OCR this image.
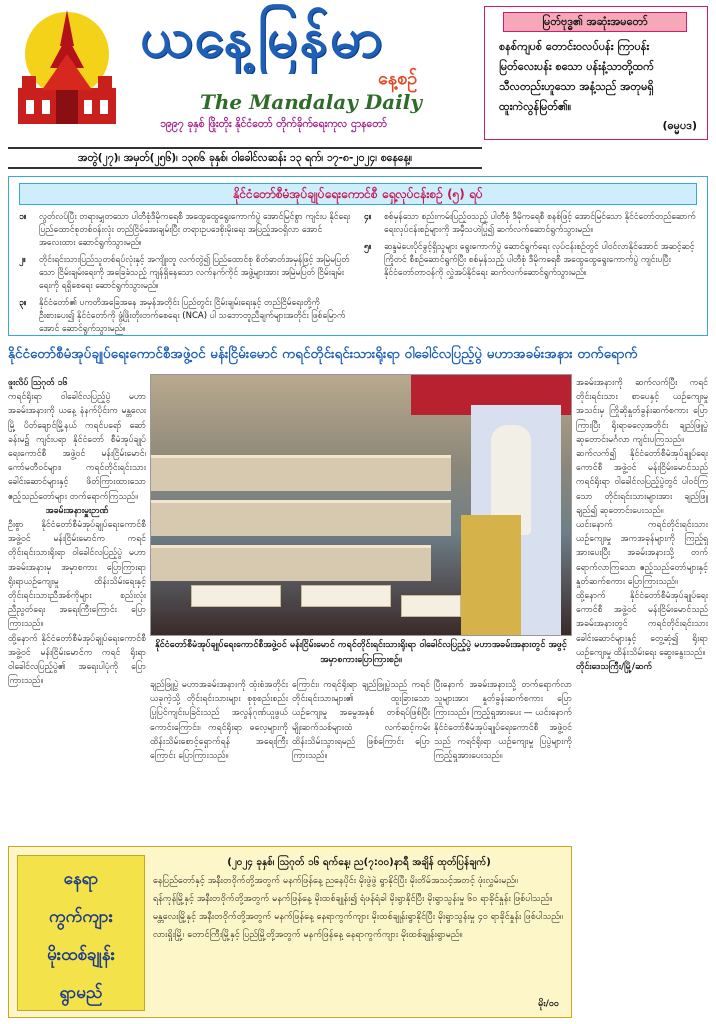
ယနေ့မြန်မာ
နေ့စဉ်
The Mandalay Daily
၁၉၉၇ ခုနှစ် ဖြိုးတိုး နိုင်ငံတော် တိုက်ခိုက်ရေးကုလ ဌာနတော်
မြတ်ဗုဒ္ဓ၏ အဆုံးအမတော်
စနစ်ကျပစ် တောင်းဝလပ်ပန်း ကြာပန်း
မြတ်လေးပန်း စသော ပန်းနံ့သာတို့ထက်
သီလတည်းဟူသော အနံ့သည် အတုမရှိ
ထူးကဲလွန်မြတ်၏။
(ဓမ္မပဒ)
အတွဲ(၂၇)၊ အမှတ်(၂၅၆)၊ ၁၃၈၆ ခုနှစ်၊ ဝါခေါင်လဆန်း ၁၃ ရက်၊ ၁၇-၈-၂၀၂၄၊ စနေနေ့။
နိုင်ငံတော်စီမံအုပ်ချုပ်ရေးကောင်စီ ရှေ့လုပ်ငန်းစဉ် (၅) ရပ်
၁။	လွတ်လပ်ပြီး တရားမျှတသော ပါတီစုံဒီမိုကရေစီ အထွေထွေရွေးကောက်ပွဲ အောင်မြင်စွာ ကျင်းပ နိုင်ရေး ပြည်ထောင်စုတစ်ဝန်းလုံး တည်ငြိမ်အေးချမ်းပြီး တရားဥပဒေစိုးမိုးရေး အပြည့်အဝရှိလာ အောင် အလေးထား ဆောင်ရွက်သွားမည်။
၂။	တိုင်းရင်းသားပြည်သူတစ်ရပ်လုံးနှင့် အကျိုးတူ လက်တွဲ၍ ပြည်ထောင်စု စိတ်ဓာတ်အမှန်ဖြင့် အမြဲမပြတ်သော ငြိမ်းချမ်းရေးကို အခြေခံသည့် ကျန်ရှိနေသော လက်နက်ကိုင် အဖွဲ့များအား အမြဲမပြတ် ငြိမ်းချမ်းရေးကို ရရှိစေရေး ဆောင်ရွက်သွားမည်။
၃။	နိုင်ငံတော်၏ ပကတိအခြေအနေ အမှန်အတိုင်း ပြည်တွင်း ငြိမ်းချမ်းရေးနှင့် တည်ငြိမ်ရေးတို့ကို ဦးစားပေး၍ နိုင်ငံတော်ကို ဖွံ့ဖြိုးတိုးတက်စေရေး (NCA) ပါ သဘောတူညီချက်များအတိုင်း ဖြစ်မြောက်အောင် ဆောင်ရွက်သွားမည်။
၄။	စစ်မှန်သော စည်းကမ်းပြည့်ဝသည့် ပါတီစုံ ဒီမိုကရေစီ စနစ်ဖြင့် အောင်မြင်သော နိုင်ငံတော်တည်ဆောက်ရေးလုပ်ငန်းစဉ်များကို အမှီသဟဲပြု၍ ဆက်လက်ဆောင်ရွက်သွားမည်။
၅။	ဆန္ဒမဲပေးပိုင်ခွင့်ရှိသူများ ရွေးကောက်ပွဲ ဆောင်ရွက်ရေး လုပ်ငန်းစဉ်တွင် ပါဝင်လာနိုင်အောင် အဆင့်ဆင့်ကြိုတင် စီစဉ်ဆောင်ရွက်ပြီး စစ်မှန်သည့် ပါတီစုံ ဒီမိုကရေစီ အထွေထွေရွေးကောက်ပွဲ ကျင်းပပြီး နိုင်ငံတော်တာဝန်ကို လွှဲအပ်နိုင်ရေး ဆက်လက်ဆောင်ရွက်သွားမည်။
နိုင်ငံတော်စီမံအုပ်ချုပ်ရေးကောင်စီအဖွဲ့ဝင် မန်းငြိမ်းမောင် ကရင်တိုင်းရင်းသားရိုးရာ ဝါခေါင်လပြည့်ပွဲ မဟာအခမ်းအနား တက်ရောက်
နိုင်ငံတော်စီမံအုပ်ချုပ်ရေးကောင်စီအဖွဲ့ဝင် မန်းငြိမ်းမောင် ကရင်တိုင်းရင်းသားရိုးရာ ဝါခေါင်လပြည့်ပွဲ မဟာအခမ်းအနားတွင် အဖွင့်အမှာစကားပြောကြားစဉ်။

ဖူးလိပ် ဩဂုတ် ၁၆

ကရင်ရိုးရာ ဝါခေါင်လပြည့်ပွဲ မဟာအခမ်းအနားကို ယနေ့ နံနက်ပိုင်းက မန္တလေးမြို့ ပိတ်ချောင်မြို့နယ် ကရင်ပရော် ဆော်ခန်းမ၌ ကျင်းပရာ နိုင်ငံတော် စီမံအုပ်ချုပ်ရေးကောင်စီ အဖွဲ့ဝင် မန်းငြိမ်းမောင်၊ ကော်မတီဝင်များ၊ ကရင်တိုင်းရင်းသား ခေါင်းဆောင်များနှင့် ဖိတ်ကြားထားသော ဧည့်သည်တော်များ တက်ရောက်ကြသည်။

အခမ်းအနားမှူးဉာဏ်

ဦးစွာ နိုင်ငံတော်စီမံအုပ်ချုပ်ရေးကောင်စီ အဖွဲ့ဝင် မန်းငြိမ်းမောင်က ကရင်တိုင်းရင်းသားရိုးရာ ဝါခေါင်လပြည့်ပွဲ မဟာအခမ်းအနားမှ အမှာစကား ပြောကြားရာ ရိုးရာယဉ်ကျေးမှု ထိန်းသိမ်းရေးနှင့် တိုင်းရင်းသားညီအစ်ကိုများ စည်းလုံးညီညွတ်ရေး အရေးကြီးကြောင်း ပြောကြားသည်။

ထို့နောက် နိုင်ငံတော်စီမံအုပ်ချုပ်ရေးကောင်စီ အဖွဲ့ဝင် မန်းငြိမ်းမောင်က ကရင် ရိုးရာ ဝါခေါင်လပြည့်ပွဲ၏ အရေးပါပုံကို ပြောကြားသည်။	ချည်ဖြူပွဲ မဟာအခမ်းအနားကို ထုံးစံအတိုင်း ယခုကဲ့သို့ တိုင်းရင်းသားများ စုစုစည်းစည်း ပြုပြင်ကျင်းပခြင်းသည် အလွန်ဂုဏ်ယူဖွယ် ကောင်းကြောင်း၊ ကရင်ရိုးရာ ဓလေ့များကို ထိန်းသိမ်းစောင့်ရှောက်ရန် အရေးကြီးကြောင်း ပြောကြားသည်။
ကြောင်း၊ ကရင်ရိုးရာ ချည်ဖြူပွဲသည် ကရင်တိုင်းရင်းသားများ၏ ထူးခြားသော ယဉ်ကျေးမှု အမွေအနှစ် တစ်ရပ်ဖြစ်ပြီး မျိုးဆက်သစ်များထံ လက်ဆင့်ကမ်း ထိန်းသိမ်းသွားရမည် ဖြစ်ကြောင်း ပြောကြားသည်။
ပြီးနောက် အခမ်းအနားသို့ တက်ရောက်လာသူများအား နှုတ်ခွန်းဆက်စကား ပြောကြားသည်။ ကြည့်ရှုအားပေး — ယင်းနောက် နိုင်ငံတော်စီမံအုပ်ချုပ်ရေးကောင်စီ အဖွဲ့ဝင်သည် ကရင်ရိုးရာ ယဉ်ကျေးမှု ပြပွဲများကို ကြည့်ရှုအားပေးသည်။

အခမ်းအနားကို ဆက်လက်ပြီး ကရင်တိုင်းရင်းသား စာပေနှင့် ယဉ်ကျေးမှုအသင်းမှ ကြိုဆိုနှုတ်ခွန်းဆက်စကား ပြောကြားပြီး ရိုးရာဓလေ့အတိုင်း ချည်ဖြူပွဲ ဆုတောင်းမင်္ဂလာ ကျင်းပကြသည်။

ဆက်လက်၍ နိုင်ငံတော်စီမံအုပ်ချုပ်ရေးကောင်စီ အဖွဲ့ဝင် မန်းငြိမ်းမောင်သည် ကရင်ရိုးရာ ဝါခေါင်လပြည့်ပွဲတွင် ပါဝင်ကြသော တိုင်းရင်းသားများအား ချည်ဖြူချည်၍ ဆုတောင်းပေးသည်။

ယင်းနောက် ကရင်တိုင်းရင်းသား ယဉ်ကျေးမှု အကအခုန်များကို ကြည့်ရှုအားပေးပြီး အခမ်းအနားသို့ တက်ရောက်လာကြသော ဧည့်သည်တော်များနှင့် နှုတ်ဆက်စကား ပြောကြားသည်။

ထို့နောက် နိုင်ငံတော်စီမံအုပ်ချုပ်ရေးကောင်စီ အဖွဲ့ဝင် မန်းငြိမ်းမောင်သည် အခမ်းအနားတွင် ကရင်တိုင်းရင်းသား ခေါင်းဆောင်များနှင့် တွေ့ဆုံ၍ ရိုးရာ ယဉ်ကျေးမှု ထိန်းသိမ်းရေး ဆွေးနွေးသည်။

တိုင်းဒေသကြီး/မြို့/ဆက်

နေရာ
ကွက်ကျား
မိုးထစ်ချုန်း
ရွာမည်
(၂၀၂၄ ခုနှစ်၊ ဩဂုတ် ၁၆ ရက်နေ့၊ ည(၇:၀၀)နာရီ အချိန် ထုတ်ပြန်ချက်)

နေပြည်တော်နှင့် အနီးတဝိုက်တို့အတွက် မနက်ဖြန်နေ့ ညနေပိုင်း မိုးဖွဲဖွဲ ရွာနိုင်ပြီး မိုးတိမ်အသင့်အတင့် ဖုံးလွှမ်းမည်။

ရန်ကုန်မြို့နှင့် အနီးတဝိုက်တို့အတွက် မနက်ဖြန်နေ့ မိုးထစ်ချုန်း၍ ရံဖန်ရံခါ မိုးရွာနိုင်ပြီး မိုးရွာသွန်းမှု ၆၀ ရာခိုင်နှုန်း ဖြစ်ပါသည်။

မန္တလေးမြို့နှင့် အနီးတဝိုက်တို့အတွက် မနက်ဖြန်နေ့ နေရာကွက်ကျား မိုးထစ်ချုန်းရွာနိုင်ပြီး မိုးရွာသွန်းမှု ၄၀ ရာခိုင်နှုန်း ဖြစ်ပါသည်။

လားရှိုးမြို့၊ တောင်ကြီးမြို့နှင့် ပြည်မြို့တို့အတွက် မနက်ဖြန်နေ့ နေရာကွက်ကျား မိုးထစ်ချုန်းရွာမည်။

မိုး/၀၀
